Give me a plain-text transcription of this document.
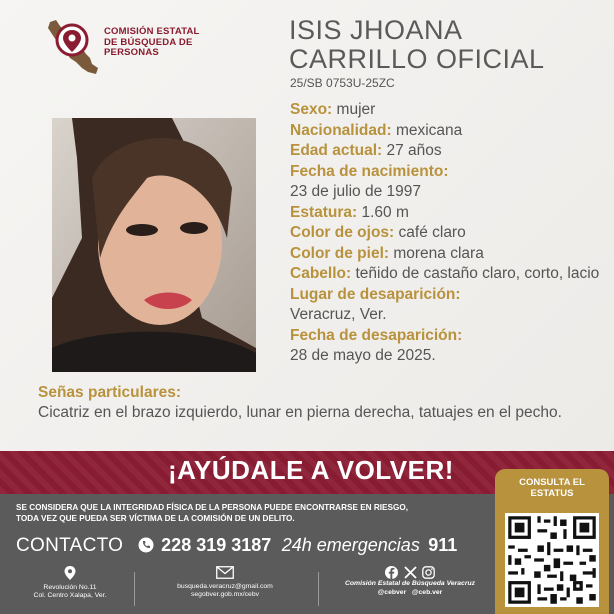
COMISIÓN ESTATAL
DE BÚSQUEDA DE
PERSONAS
ISIS JHOANA
CARRILLO OFICIAL
25/SB 0753U-25ZC
Sexo: mujer
Nacionalidad: mexicana
Edad actual: 27 años
Fecha de nacimiento:
23 de julio de 1997
Estatura: 1.60 m
Color de ojos: café claro
Color de piel: morena clara
Cabello: teñido de castaño claro, corto, lacio
Lugar de desaparición:
Veracruz, Ver.
Fecha de desaparición:
28 de mayo de 2025.
Señas particulares:
Cicatriz en el brazo izquierdo, lunar en pierna derecha, tatuajes en el pecho.
¡AYÚDALE A VOLVER!
SE CONSIDERA QUE LA INTEGRIDAD FÍSICA DE LA PERSONA PUEDE ENCONTRARSE EN RIESGO,
TODA VEZ QUE PUEDA SER VÍCTIMA DE LA COMISIÓN DE UN DELITO.
CONTACTO 228 319 3187 24h emergencias 911
Revolución No.11
Col. Centro Xalapa, Ver.
busqueda.veracruz@gmail.com
segobver.gob.mx/cebv

Comisión Estatal de Búsqueda Veracruz
@cebver @ceb.ver
CONSULTA EL
ESTATUS
